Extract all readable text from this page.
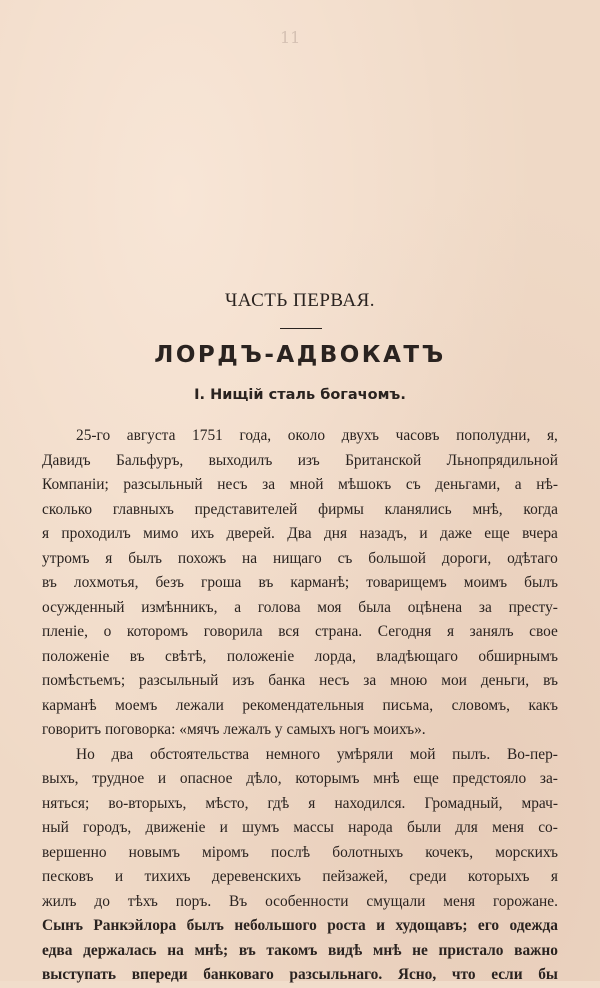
11
ЧАСТЬ ПЕРВАЯ.
ЛОРДЪ-АДВОКАТЪ
I. Нищій сталь богачомъ.
25-го августа 1751 года, около двухъ часовъ пополудни, я,
Давидъ Бальфуръ, выходилъ изъ Британской Льнопрядильной
Компаніи; разсыльный несъ за мной мѣшокъ съ деньгами, а нѣ-
сколько главныхъ представителей фирмы кланялись мнѣ, когда
я проходилъ мимо ихъ дверей. Два дня назадъ, и даже еще вчера
утромъ я былъ похожъ на нищаго съ большой дороги, одѣтаго
въ лохмотья, безъ гроша въ карманѣ; товарищемъ моимъ былъ
осужденный измѣнникъ, а голова моя была оцѣнена за престу-
пленіе, о которомъ говорила вся страна. Сегодня я занялъ свое
положеніе въ свѣтѣ, положеніе лорда, владѣющаго обширнымъ
помѣстьемъ; разсыльный изъ банка несъ за мною мои деньги, въ
карманѣ моемъ лежали рекомендательныя письма, словомъ, какъ
говоритъ поговорка: «мячъ лежалъ у самыхъ ногъ моихъ».
Но два обстоятельства немного умѣряли мой пылъ. Во-пер-
выхъ, трудное и опасное дѣло, которымъ мнѣ еще предстояло за-
няться; во-вторыхъ, мѣсто, гдѣ я находился. Громадный, мрач-
ный городъ, движеніе и шумъ массы народа были для меня со-
вершенно новымъ міромъ послѣ болотныхъ кочекъ, морскихъ
песковъ и тихихъ деревенскихъ пейзажей, среди которыхъ я
жилъ до тѣхъ поръ. Въ особенности смущали меня горожане.
Сынъ Ранкэйлора былъ небольшого роста и худощавъ; его одежда
едва держалась на мнѣ; въ такомъ видѣ мнѣ не пристало важно
выступать впереди банковаго разсыльнаго. Ясно, что если бы
